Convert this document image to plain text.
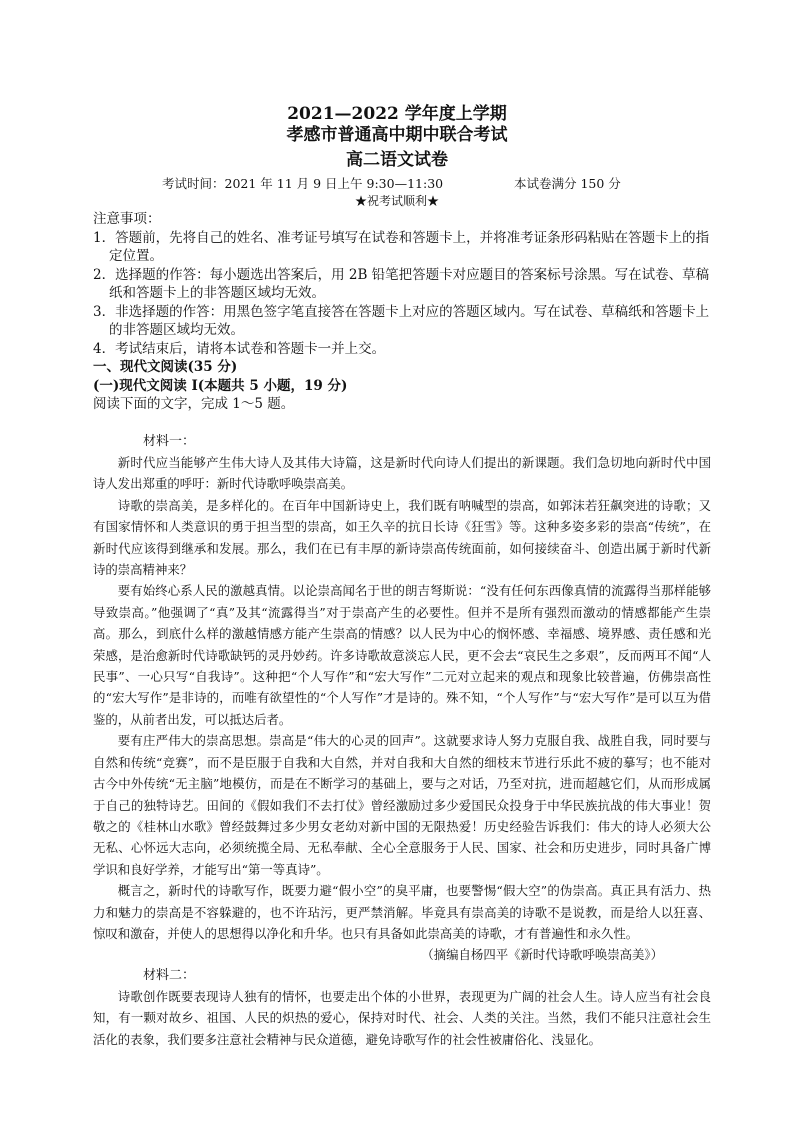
2021—2022 学年度上学期
孝感市普通高中期中联合考试
高二语文试卷
考试时间：2021 年 11 月 9 日上午 9:30—11:30	本试卷满分 150 分
★祝考试顺利★

注意事项：

1．答题前，先将自己的姓名、准考证号填写在试卷和答题卡上，并将准考证条形码粘贴在答题卡上的指定位置。

2．选择题的作答：每小题选出答案后，用 2B 铅笔把答题卡对应题目的答案标号涂黑。写在试卷、草稿纸和答题卡上的非答题区域均无效。

3．非选择题的作答：用黑色签字笔直接答在答题卡上对应的答题区域内。写在试卷、草稿纸和答题卡上的非答题区域均无效。

4．考试结束后，请将本试卷和答题卡一并上交。

一、现代文阅读(35 分)

(一)现代文阅读 Ⅰ(本题共 5 小题，19 分)

阅读下面的文字，完成 1～5 题。

材料一：

新时代应当能够产生伟大诗人及其伟大诗篇，这是新时代向诗人们提出的新课题。我们急切地向新时代中国诗人发出郑重的呼吁：新时代诗歌呼唤崇高美。

诗歌的崇高美，是多样化的。在百年中国新诗史上，我们既有呐喊型的崇高，如郭沫若狂飙突进的诗歌；又有国家情怀和人类意识的勇于担当型的崇高，如王久辛的抗日长诗《狂雪》等。这种多姿多彩的崇高“传统”，在新时代应该得到继承和发展。那么，我们在已有丰厚的新诗崇高传统面前，如何接续奋斗、创造出属于新时代新诗的崇高精神来？

要有始终心系人民的激越真情。以论崇高闻名于世的朗吉弩斯说：“没有任何东西像真情的流露得当那样能够导致崇高。”他强调了“真”及其“流露得当”对于崇高产生的必要性。但并不是所有强烈而激动的情感都能产生崇高。那么，到底什么样的激越情感方能产生崇高的情感？以人民为中心的悯怀感、幸福感、境界感、责任感和光荣感，是治愈新时代诗歌缺钙的灵丹妙药。许多诗歌故意淡忘人民，更不会去“哀民生之多艰”，反而两耳不闻“人民事”、一心只写“自我诗”。这种把“个人写作”和“宏大写作”二元对立起来的观点和现象比较普遍，仿佛崇高性的“宏大写作”是非诗的，而唯有欲望性的“个人写作”才是诗的。殊不知，“个人写作”与“宏大写作”是可以互为借鉴的，从前者出发，可以抵达后者。

要有庄严伟大的崇高思想。崇高是“伟大的心灵的回声”。这就要求诗人努力克服自我、战胜自我，同时要与自然和传统“竞赛”，而不是臣服于自我和大自然，并对自我和大自然的细枝末节进行乐此不疲的摹写；也不能对古今中外传统“无主脑”地模仿，而是在不断学习的基础上，要与之对话，乃至对抗，进而超越它们，从而形成属于自己的独特诗艺。田间的《假如我们不去打仗》曾经激励过多少爱国民众投身于中华民族抗战的伟大事业！贺敬之的《桂林山水歌》曾经鼓舞过多少男女老幼对新中国的无限热爱！历史经验告诉我们：伟大的诗人必须大公无私、心怀远大志向，必须统揽全局、无私奉献、全心全意服务于人民、国家、社会和历史进步，同时具备广博学识和良好学养，才能写出“第一等真诗”。

概言之，新时代的诗歌写作，既要力避“假小空”的臭平庸，也要警惕“假大空”的伪崇高。真正具有活力、热力和魅力的崇高是不容躲避的，也不许玷污，更严禁消解。毕竟具有崇高美的诗歌不是说教，而是给人以狂喜、惊叹和激奋，并使人的思想得以净化和升华。也只有具备如此崇高美的诗歌，才有普遍性和永久性。

（摘编自杨四平《新时代诗歌呼唤崇高美》）

材料二：

诗歌创作既要表现诗人独有的情怀，也要走出个体的小世界，表现更为广阔的社会人生。诗人应当有社会良知，有一颗对故乡、祖国、人民的炽热的爱心，保持对时代、社会、人类的关注。当然，我们不能只注意社会生活化的表象，我们要多注意社会精神与民众道德，避免诗歌写作的社会性被庸俗化、浅显化。
